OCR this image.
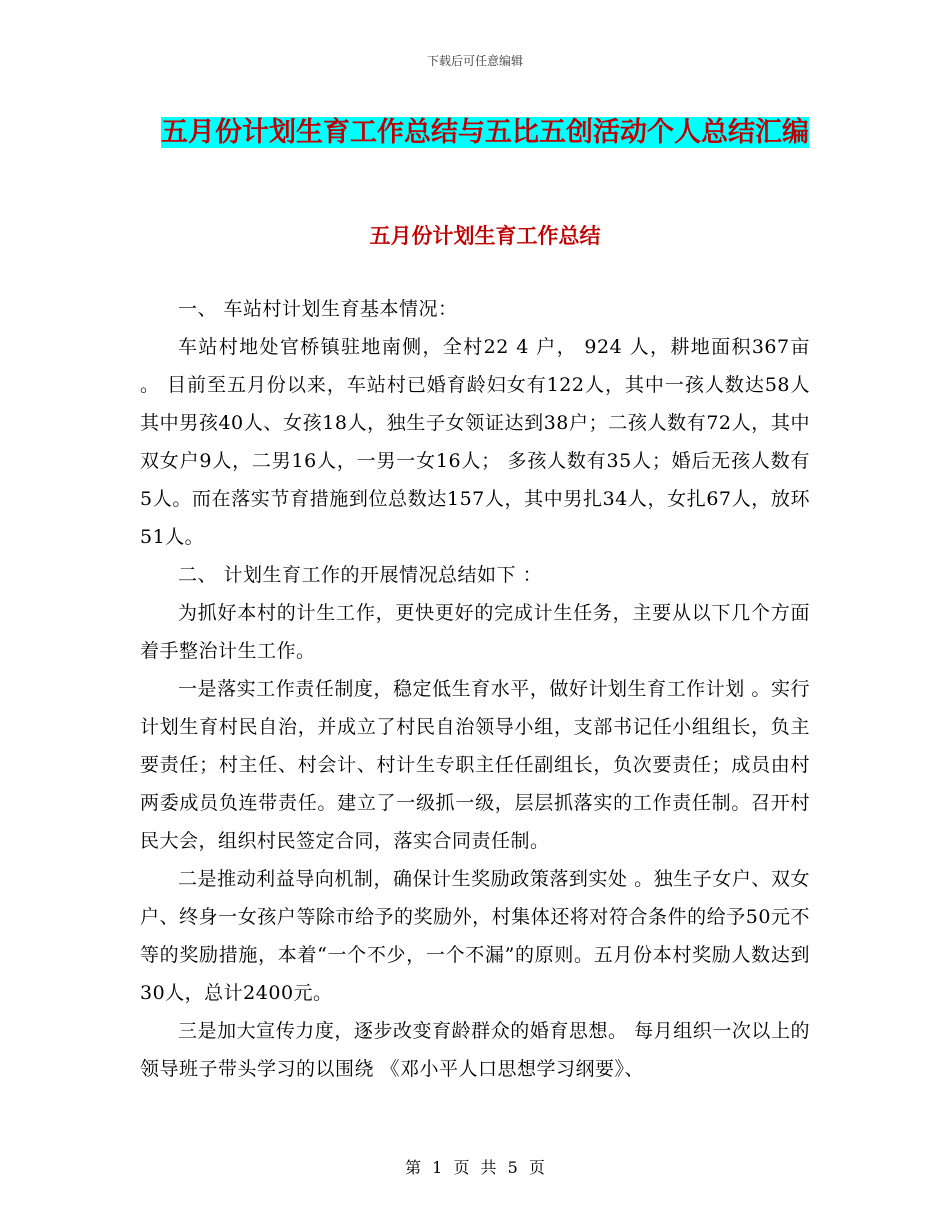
下载后可任意编辑
五月份计划生育工作总结与五比五创活动个人总结汇编
五月份计划生育工作总结

一、 车站村计划生育基本情况：

车站村地处官桥镇驻地南侧，全村22 4 户， 924 人，耕地面积367亩 。 目前至五月份以来，车站村已婚育龄妇女有122人，其中一孩人数达58人其中男孩40人、女孩18人，独生子女领证达到38户；二孩人数有72人，其中双女户9人，二男16人，一男一女16人； 多孩人数有35人；婚后无孩人数有5人。而在落实节育措施到位总数达157人，其中男扎34人，女扎67人，放环51人。

二、 计划生育工作的开展情况总结如下 ：

为抓好本村的计生工作，更快更好的完成计生任务，主要从以下几个方面着手整治计生工作。

一是落实工作责任制度，稳定低生育水平，做好计划生育工作计划 。实行计划生育村民自治，并成立了村民自治领导小组，支部书记任小组组长，负主要责任；村主任、村会计、村计生专职主任任副组长，负次要责任；成员由村两委成员负连带责任。建立了一级抓一级，层层抓落实的工作责任制。召开村民大会，组织村民签定合同，落实合同责任制。

二是推动利益导向机制，确保计生奖励政策落到实处 。独生子女户、双女户、终身一女孩户等除市给予的奖励外，村集体还将对符合条件的给予50元不等的奖励措施，本着“一个不少，一个不漏”的原则。五月份本村奖励人数达到30人，总计2400元。

三是加大宣传力度，逐步改变育龄群众的婚育思想。 每月组织一次以上的领导班子带头学习的以围绕 《邓小平人口思想学习纲要》、

第 1 页 共 5 页
